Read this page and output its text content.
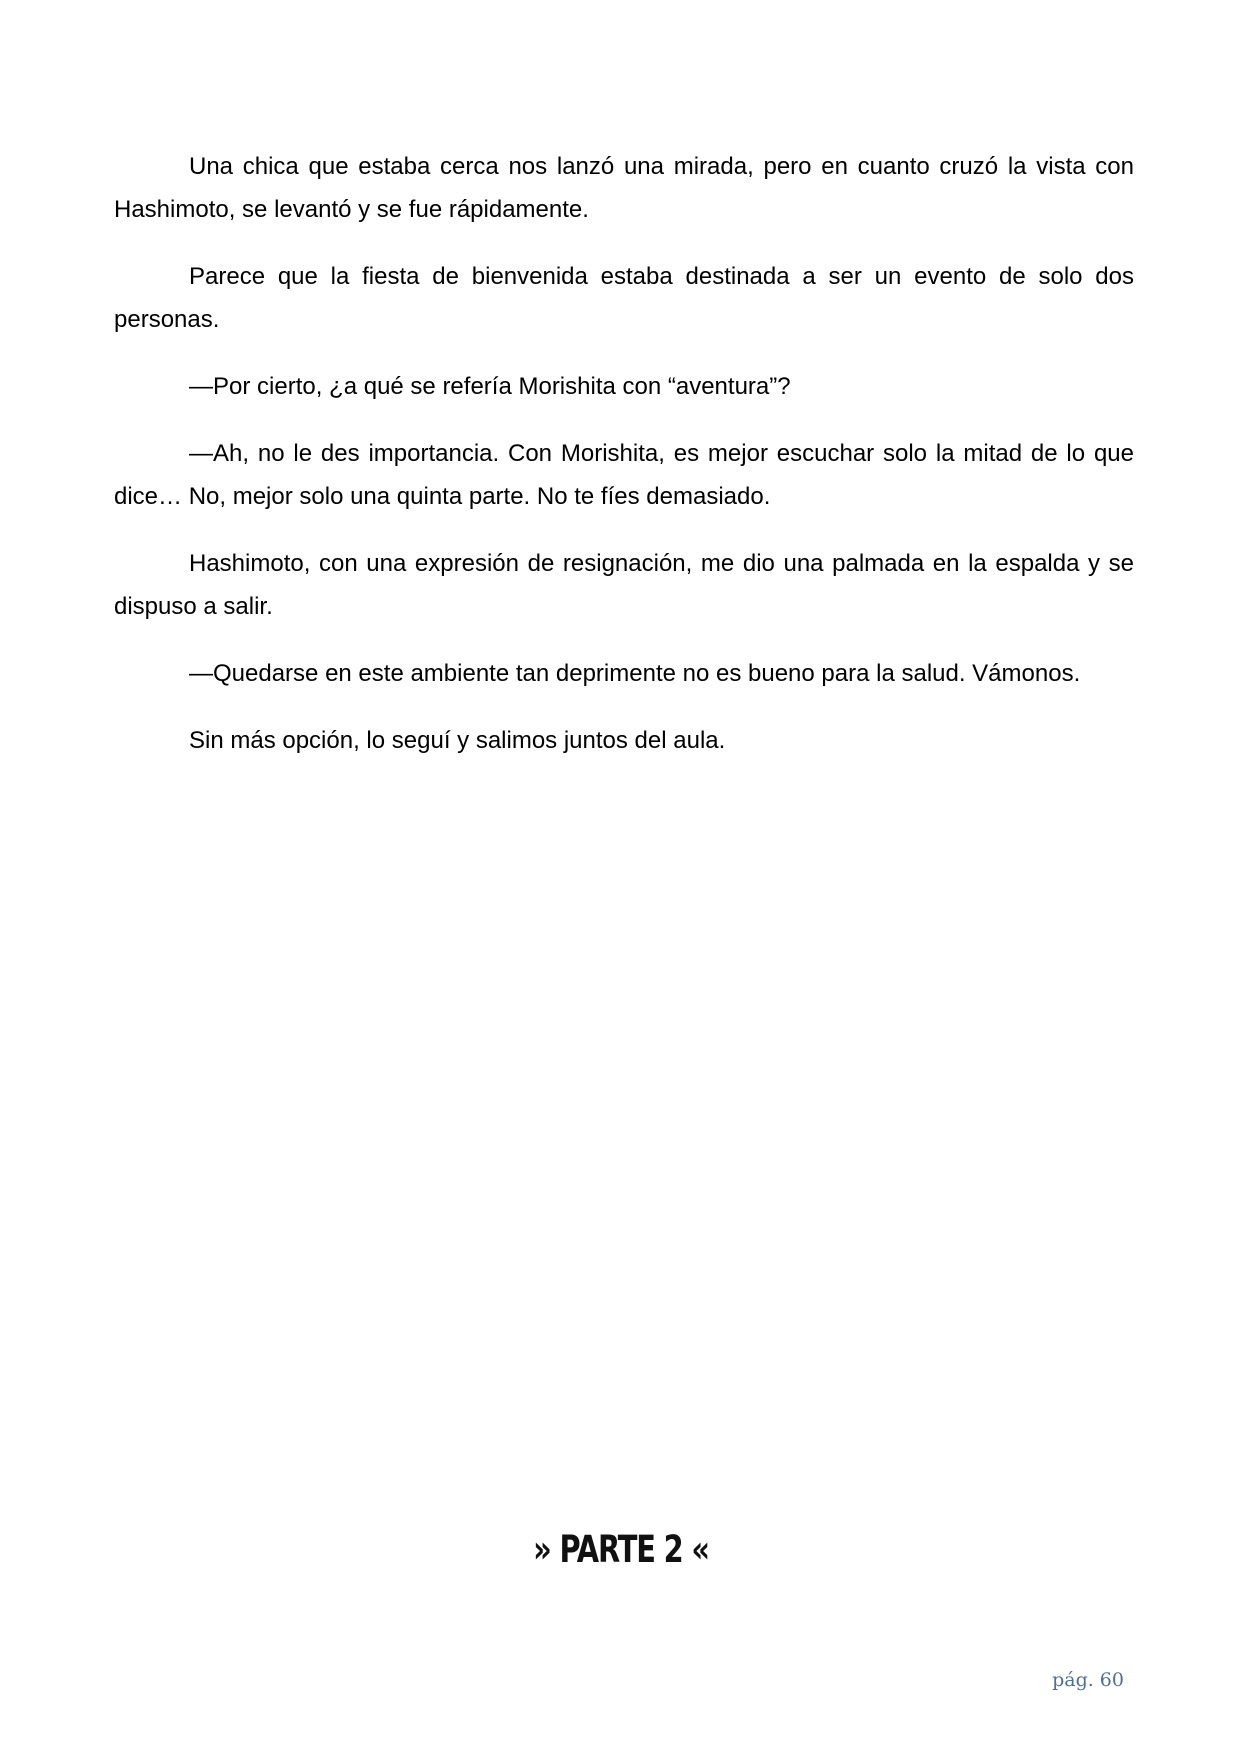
Una chica que estaba cerca nos lanzó una mirada, pero en cuanto cruzó la vista con Hashimoto, se levantó y se fue rápidamente.

Parece que la fiesta de bienvenida estaba destinada a ser un evento de solo dos personas.

—Por cierto, ¿a qué se refería Morishita con “aventura”?

—Ah, no le des importancia. Con Morishita, es mejor escuchar solo la mitad de lo que dice… No, mejor solo una quinta parte. No te fíes demasiado.

Hashimoto, con una expresión de resignación, me dio una palmada en la espalda y se dispuso a salir.

—Quedarse en este ambiente tan deprimente no es bueno para la salud. Vámonos.

Sin más opción, lo seguí y salimos juntos del aula.

» PARTE 2 «
pág. 60
